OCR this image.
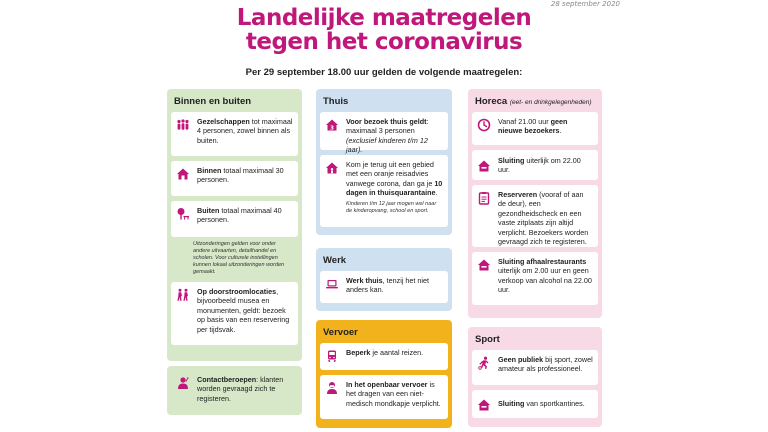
28 september 2020
Landelijke maatregelen
tegen het coronavirus
Per 29 september 18.00 uur gelden de volgende maatregelen:
Binnen en buiten
Gezelschappen tot maximaal 4 personen, zowel binnen als buiten.
Binnen totaal maximaal 30 personen.
Buiten totaal maximaal 40 personen.
Uitzonderingen gelden voor onder andere uitvaarten, detailhandel en scholen. Voor culturele instellingen kunnen lokaal uitzonderingen worden gemaakt.
Op doorstroomlocaties, bijvoorbeeld musea en monumenten, geldt: bezoek op basis van een reservering per tijdsvak.
Contactberoepen: klanten worden gevraagd zich te registeren.
Thuis
3
Voor bezoek thuis geldt: maximaal 3 personen (exclusief kinderen t/m 12 jaar).
Kom je terug uit een gebied met een oranje reisadvies vanwege corona, dan ga je 10 dagen in thuisquarantaine.
Kinderen t/m 12 jaar mogen wel naar de kinderopvang, school en sport.
Werk
Werk thuis, tenzij het niet anders kan.
Vervoer
Beperk je aantal reizen.
In het openbaar vervoer is het dragen van een niet-medisch mondkapje verplicht.
Horeca (eet- en drinkgelegenheden)
Vanaf 21.00 uur geen nieuwe bezoekers.
Sluiting uiterlijk om 22.00 uur.
Reserveren (vooraf of aan de deur), een gezondheidscheck en een vaste zitplaats zijn altijd verplicht. Bezoekers worden gevraagd zich te registeren.
Sluiting afhaalrestaurants uiterlijk om 2.00 uur en geen verkoop van alcohol na 22.00 uur.
Sport
Geen publiek bij sport, zowel amateur als professioneel.
Sluiting van sportkantines.
